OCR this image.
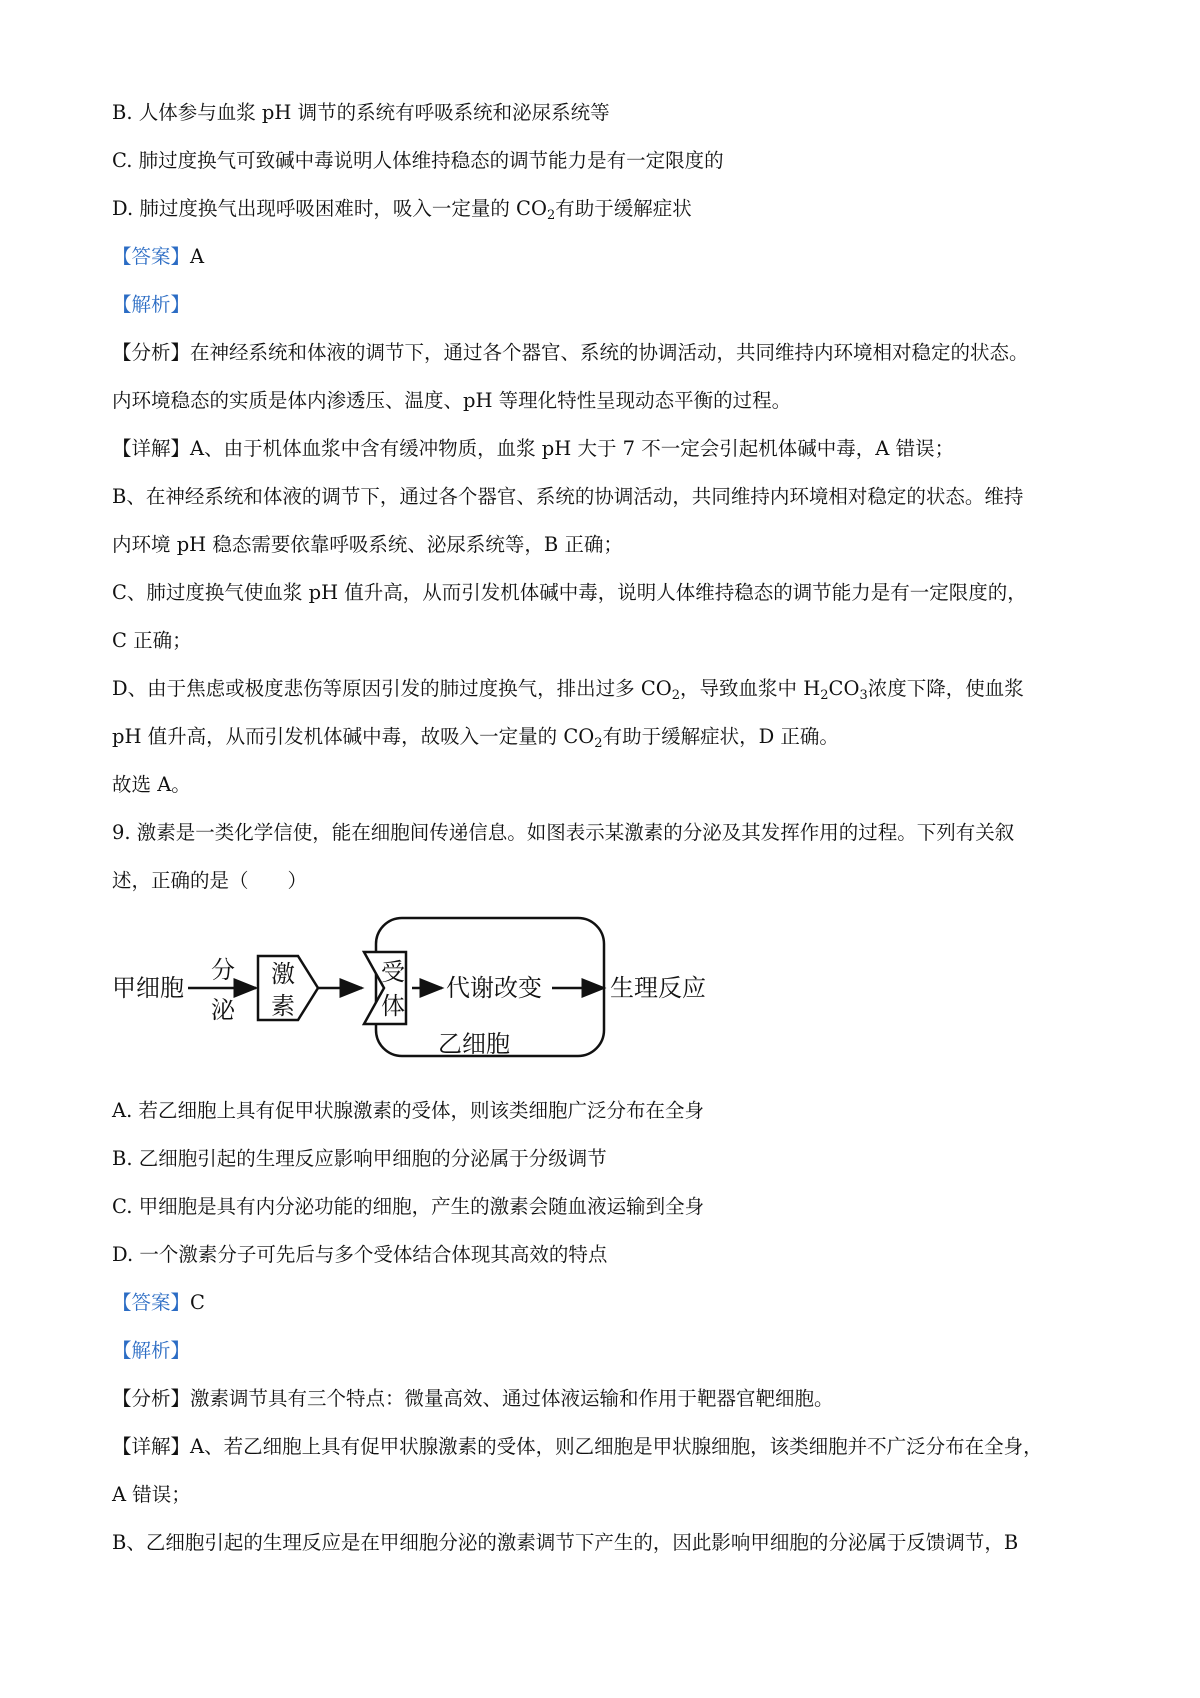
B. 人体参与血浆 pH 调节的系统有呼吸系统和泌尿系统等
C. 肺过度换气可致碱中毒说明人体维持稳态的调节能力是有一定限度的
D. 肺过度换气出现呼吸困难时，吸入一定量的 $CO_2$有助于缓解症状
【答案】A
【解析】
【分析】在神经系统和体液的调节下，通过各个器官、系统的协调活动，共同维持内环境相对稳定的状态。
内环境稳态的实质是体内渗透压、温度、pH 等理化特性呈现动态平衡的过程。
【详解】A、由于机体血浆中含有缓冲物质，血浆 pH 大于 7 不一定会引起机体碱中毒，A 错误；
B、在神经系统和体液的调节下，通过各个器官、系统的协调活动，共同维持内环境相对稳定的状态。维持
内环境 pH 稳态需要依靠呼吸系统、泌尿系统等，B 正确；
C、肺过度换气使血浆 pH 值升高，从而引发机体碱中毒，说明人体维持稳态的调节能力是有一定限度的，
C 正确；
D、由于焦虑或极度悲伤等原因引发的肺过度换气，排出过多 $CO_2$，导致血浆中 $H_2CO_3$浓度下降，使血浆
pH 值升高，从而引发机体碱中毒，故吸入一定量的 $CO_2$有助于缓解症状，D 正确。
故选 A。
9. 激素是一类化学信使，能在细胞间传递信息。如图表示某激素的分泌及其发挥作用的过程。下列有关叙
述，正确的是（　　）
甲细胞
分
泌
激
素
受
体
代谢改变	生理反应
乙细胞
A. 若乙细胞上具有促甲状腺激素的受体，则该类细胞广泛分布在全身
B. 乙细胞引起的生理反应影响甲细胞的分泌属于分级调节
C. 甲细胞是具有内分泌功能的细胞，产生的激素会随血液运输到全身
D. 一个激素分子可先后与多个受体结合体现其高效的特点
【答案】C
【解析】
【分析】激素调节具有三个特点：微量高效、通过体液运输和作用于靶器官靶细胞。
【详解】A、若乙细胞上具有促甲状腺激素的受体，则乙细胞是甲状腺细胞，该类细胞并不广泛分布在全身，
A 错误；
B、乙细胞引起的生理反应是在甲细胞分泌的激素调节下产生的，因此影响甲细胞的分泌属于反馈调节，B
